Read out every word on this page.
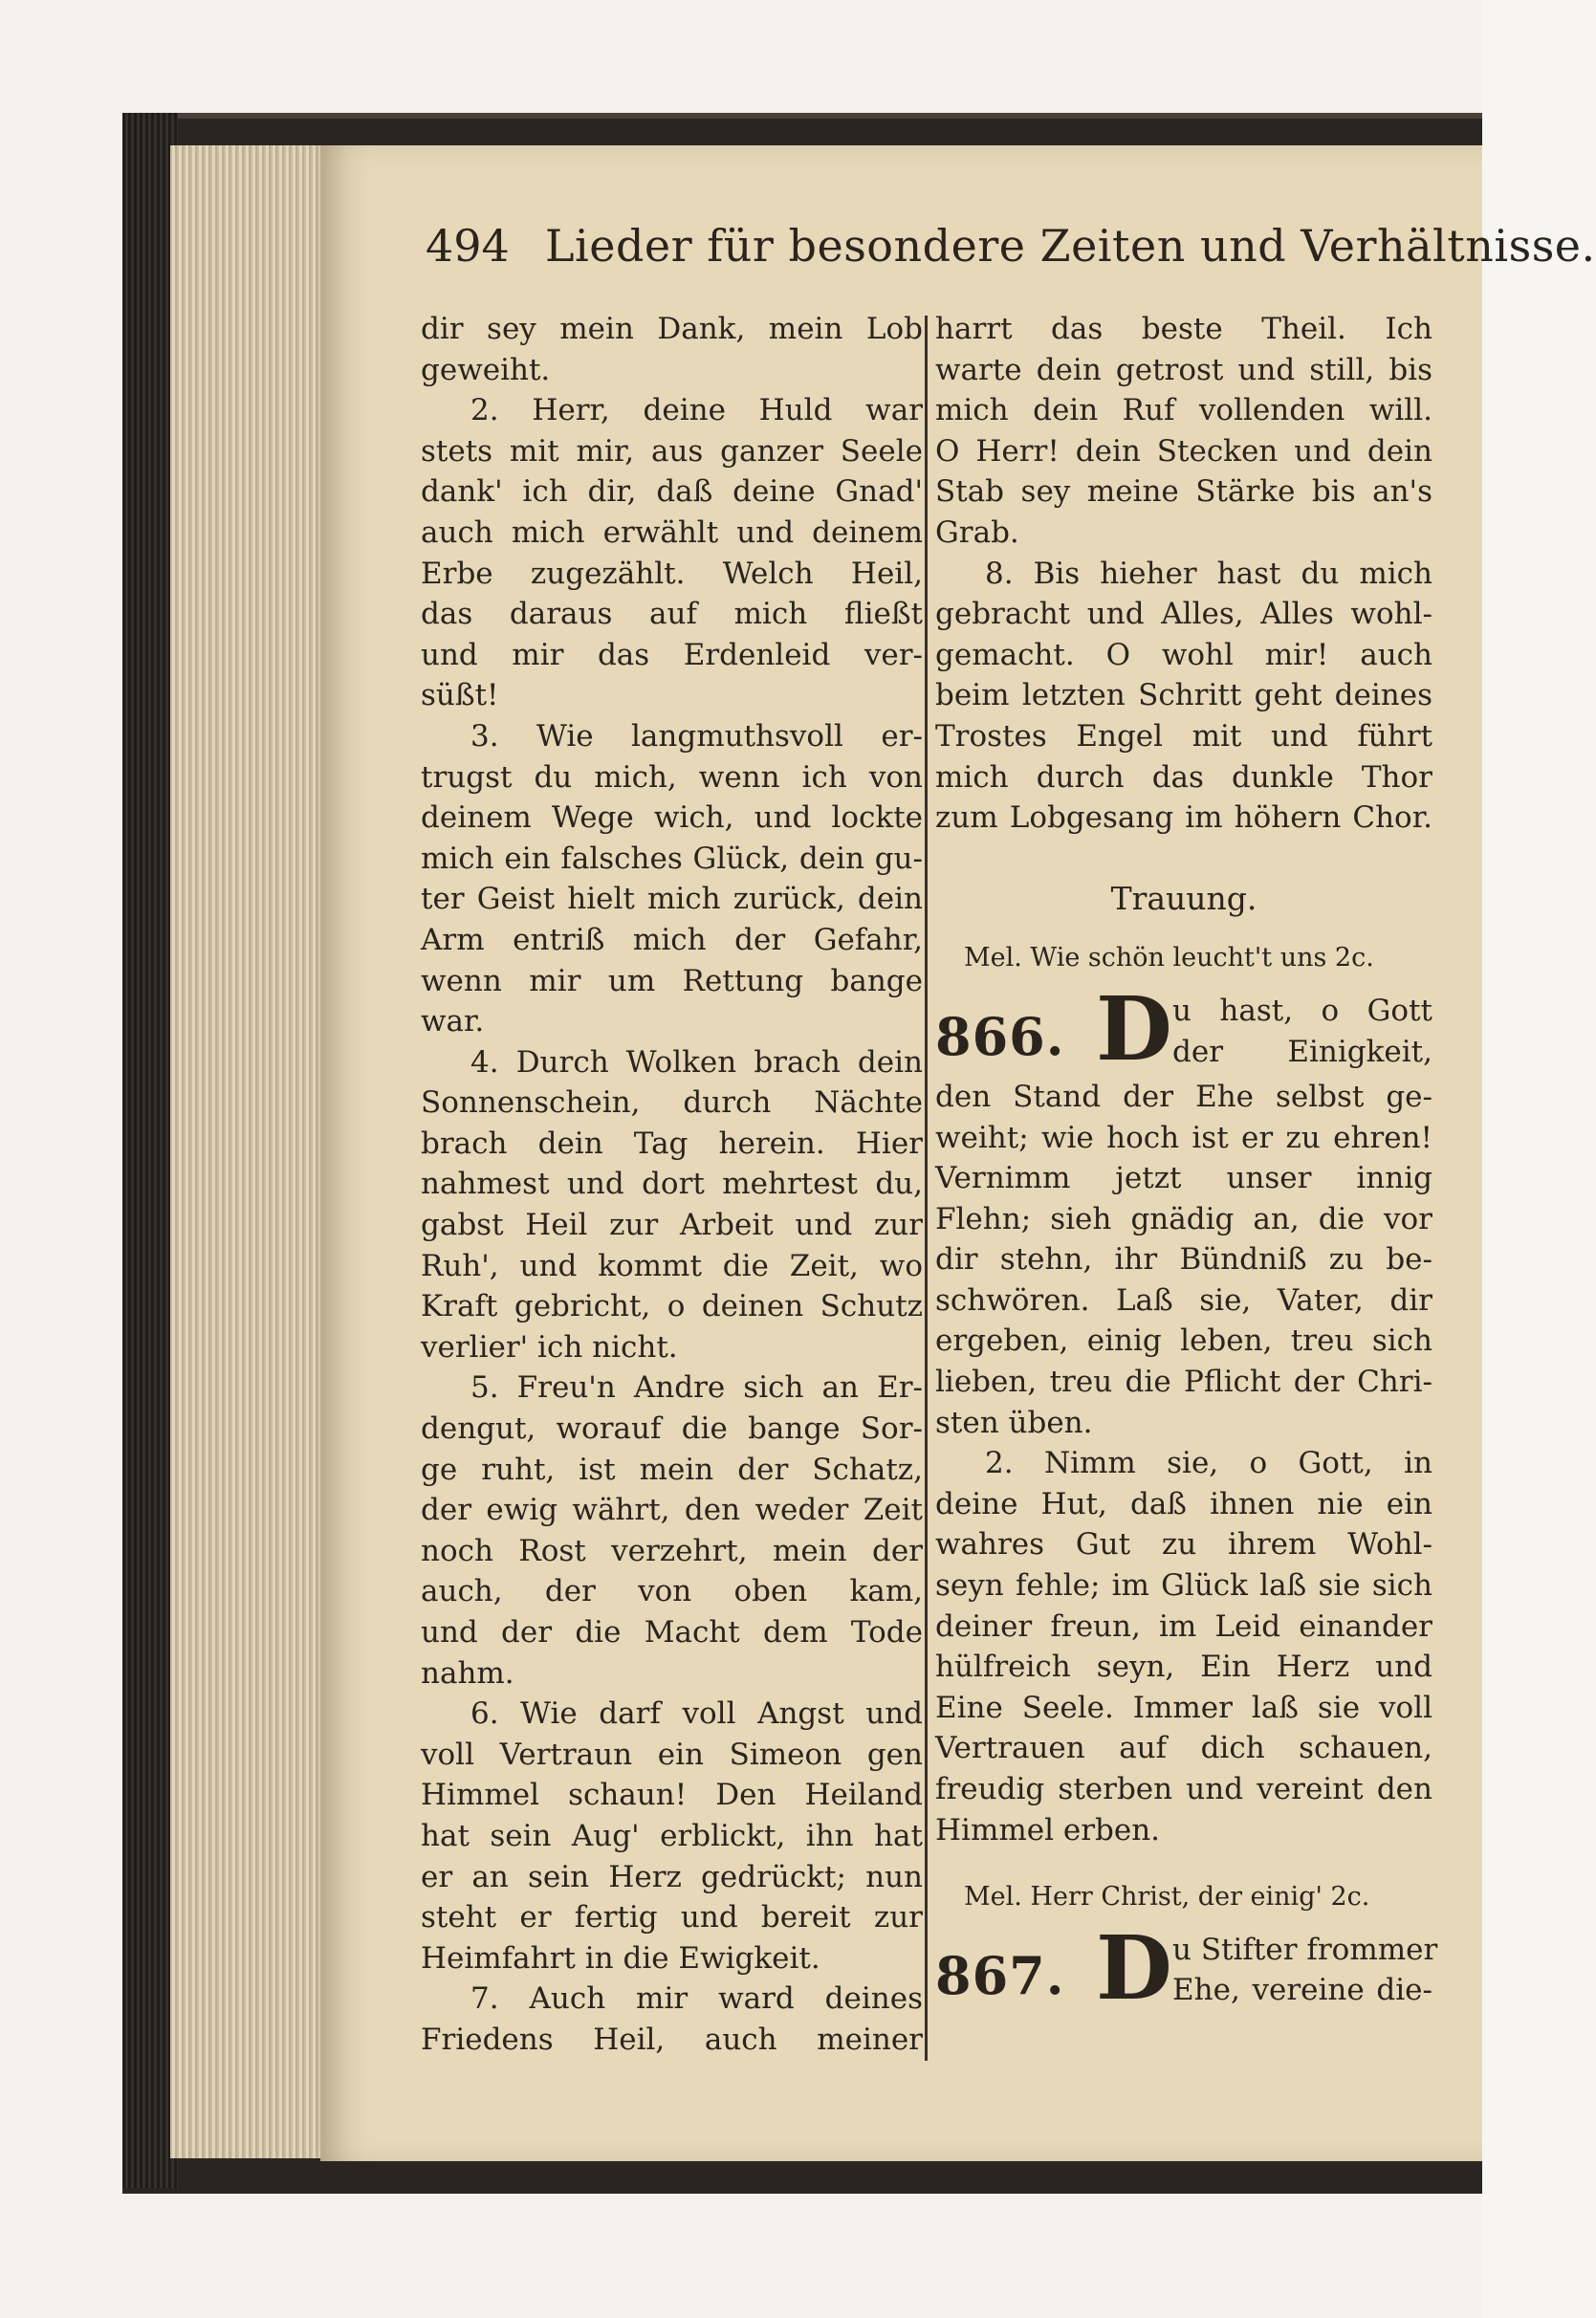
494 Lieder für besondere Zeiten und Verhältnisse.
dir sey mein Dank, mein Lob
geweiht.
2. Herr, deine Huld war
stets mit mir, aus ganzer Seele
dank' ich dir, daß deine Gnad'
auch mich erwählt und deinem
Erbe zugezählt. Welch Heil,
das daraus auf mich fließt
und mir das Erdenleid ver-
süßt!
3. Wie langmuthsvoll er-
trugst du mich, wenn ich von
deinem Wege wich, und lockte
mich ein falsches Glück, dein gu-
ter Geist hielt mich zurück, dein
Arm entriß mich der Gefahr,
wenn mir um Rettung bange
war.
4. Durch Wolken brach dein
Sonnenschein, durch Nächte
brach dein Tag herein. Hier
nahmest und dort mehrtest du,
gabst Heil zur Arbeit und zur
Ruh', und kommt die Zeit, wo
Kraft gebricht, o deinen Schutz
verlier' ich nicht.
5. Freu'n Andre sich an Er-
dengut, worauf die bange Sor-
ge ruht, ist mein der Schatz,
der ewig währt, den weder Zeit
noch Rost verzehrt, mein der
auch, der von oben kam,
und der die Macht dem Tode
nahm.
6. Wie darf voll Angst und
voll Vertraun ein Simeon gen
Himmel schaun! Den Heiland
hat sein Aug' erblickt, ihn hat
er an sein Herz gedrückt; nun
steht er fertig und bereit zur
Heimfahrt in die Ewigkeit.
7. Auch mir ward deines
Friedens Heil, auch meiner
harrt das beste Theil. Ich
warte dein getrost und still, bis
mich dein Ruf vollenden will.
O Herr! dein Stecken und dein
Stab sey meine Stärke bis an's
Grab.
8. Bis hieher hast du mich
gebracht und Alles, Alles wohl-
gemacht. O wohl mir! auch
beim letzten Schritt geht deines
Trostes Engel mit und führt
mich durch das dunkle Thor
zum Lobgesang im höhern Chor.
Trauung.
Mel. Wie schön leucht't uns 2c.
866. D u hast, o Gott
der Einigkeit,
den Stand der Ehe selbst ge-
weiht; wie hoch ist er zu ehren!
Vernimm jetzt unser innig
Flehn; sieh gnädig an, die vor
dir stehn, ihr Bündniß zu be-
schwören. Laß sie, Vater, dir
ergeben, einig leben, treu sich
lieben, treu die Pflicht der Chri-
sten üben.
2. Nimm sie, o Gott, in
deine Hut, daß ihnen nie ein
wahres Gut zu ihrem Wohl-
seyn fehle; im Glück laß sie sich
deiner freun, im Leid einander
hülfreich seyn, Ein Herz und
Eine Seele. Immer laß sie voll
Vertrauen auf dich schauen,
freudig sterben und vereint den
Himmel erben.
Mel. Herr Christ, der einig' 2c.
867. D u Stifter frommer
Ehe, vereine die-
